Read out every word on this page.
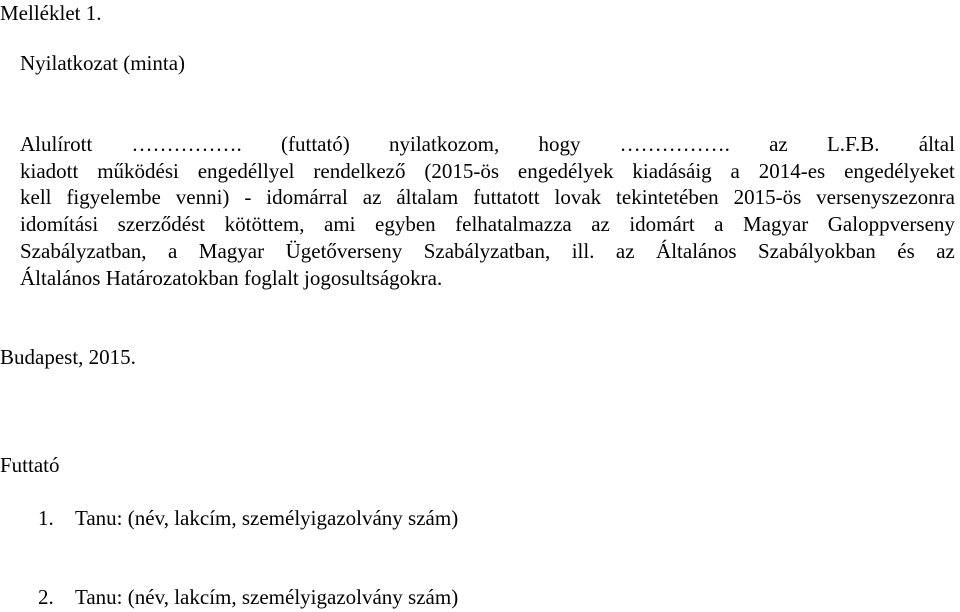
Melléklet 1.
Nyilatkozat (minta)
Alulírott ……………. (futtató) nyilatkozom, hogy ……………. az L.F.B. által
kiadott működési engedéllyel rendelkező (2015-ös engedélyek kiadásáig a 2014-es engedélyeket
kell figyelembe venni) - idomárral az általam futtatott lovak tekintetében 2015-ös versenyszezonra
idomítási szerződést kötöttem, ami egyben felhatalmazza az idomárt a Magyar Galoppverseny
Szabályzatban, a Magyar Ügetőverseny Szabályzatban, ill. az Általános Szabályokban és az
Általános Határozatokban foglalt jogosultságokra.
Budapest, 2015.
Futtató
1. Tanu: (név, lakcím, személyigazolvány szám)
2. Tanu: (név, lakcím, személyigazolvány szám)
